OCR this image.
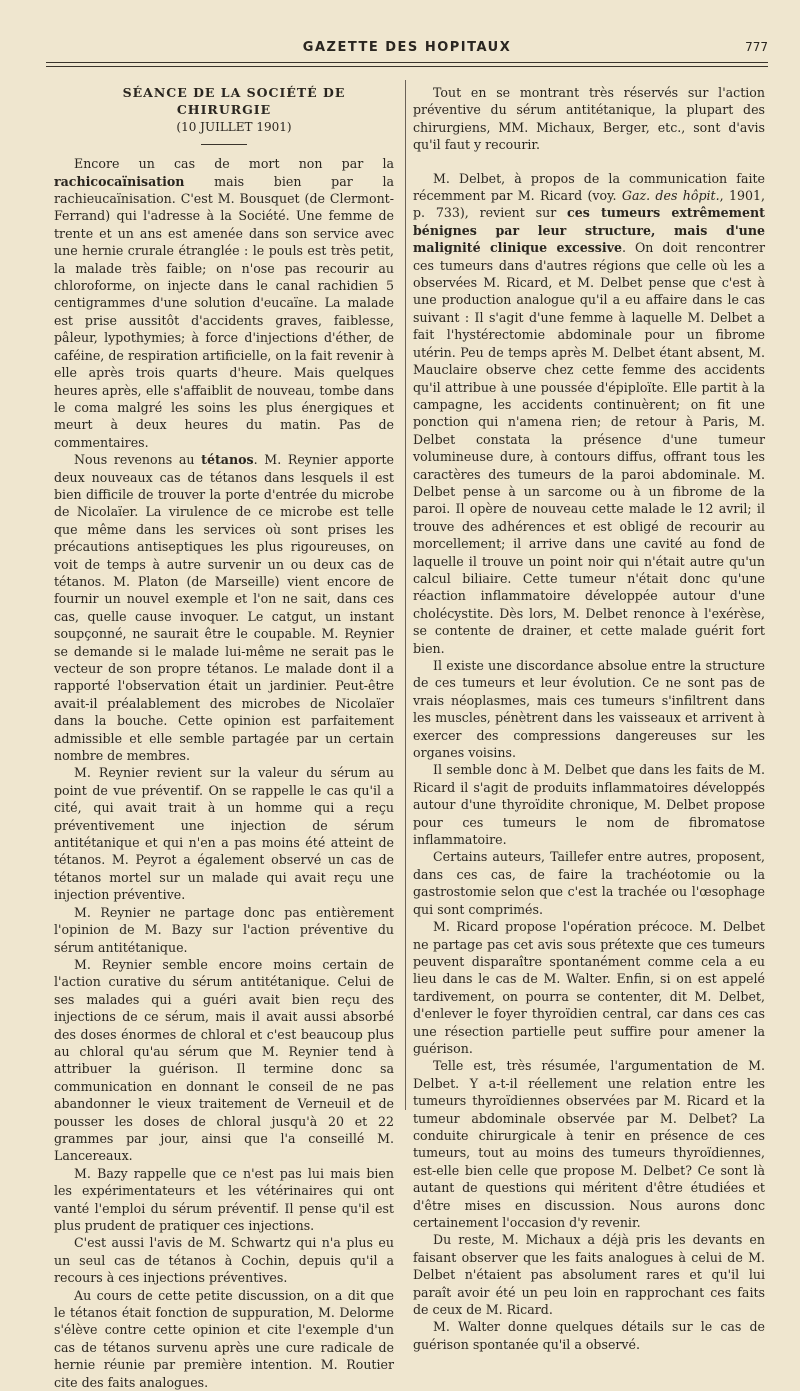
GAZETTE DES HOPITAUX	777

SÉANCE DE LA SOCIÉTÉ DE CHIRURGIE

(10 JUILLET 1901)

Encore un cas de mort non par la rachicocaïnisation mais bien par la rachieucaïnisation. C'est M. Bousquet (de Clermont-Ferrand) qui l'adresse à la Société. Une femme de trente et un ans est amenée dans son service avec une hernie crurale étranglée : le pouls est très petit, la malade très faible; on n'ose pas recourir au chloroforme, on injecte dans le canal rachidien 5 centigrammes d'une solution d'eucaïne. La malade est prise aussitôt d'accidents graves, faiblesse, pâleur, lypothymies; à force d'injections d'éther, de caféine, de respiration artificielle, on la fait revenir à elle après trois quarts d'heure. Mais quelques heures après, elle s'affaiblit de nouveau, tombe dans le coma malgré les soins les plus énergiques et meurt à deux heures du matin. Pas de commentaires.

Nous revenons au tétanos. M. Reynier apporte deux nouveaux cas de tétanos dans lesquels il est bien difficile de trouver la porte d'entrée du microbe de Nicolaïer. La virulence de ce microbe est telle que même dans les services où sont prises les précautions antiseptiques les plus rigoureuses, on voit de temps à autre survenir un ou deux cas de tétanos. M. Platon (de Marseille) vient encore de fournir un nouvel exemple et l'on ne sait, dans ces cas, quelle cause invoquer. Le catgut, un instant soupçonné, ne saurait être le coupable. M. Reynier se demande si le malade lui-même ne serait pas le vecteur de son propre tétanos. Le malade dont il a rapporté l'observation était un jardinier. Peut-être avait-il préalablement des microbes de Nicolaïer dans la bouche. Cette opinion est parfaitement admissible et elle semble partagée par un certain nombre de membres.

M. Reynier revient sur la valeur du sérum au point de vue préventif. On se rappelle le cas qu'il a cité, qui avait trait à un homme qui a reçu préventivement une injection de sérum antitétanique et qui n'en a pas moins été atteint de tétanos. M. Peyrot a également observé un cas de tétanos mortel sur un malade qui avait reçu une injection préventive.

M. Reynier ne partage donc pas entièrement l'opinion de M. Bazy sur l'action préventive du sérum antitétanique.

M. Reynier semble encore moins certain de l'action curative du sérum antitétanique. Celui de ses malades qui a guéri avait bien reçu des injections de ce sérum, mais il avait aussi absorbé des doses énormes de chloral et c'est beaucoup plus au chloral qu'au sérum que M. Reynier tend à attribuer la guérison. Il termine donc sa communication en donnant le conseil de ne pas abandonner le vieux traitement de Verneuil et de pousser les doses de chloral jusqu'à 20 et 22 grammes par jour, ainsi que l'a conseillé M. Lancereaux.

M. Bazy rappelle que ce n'est pas lui mais bien les expérimentateurs et les vétérinaires qui ont vanté l'emploi du sérum préventif. Il pense qu'il est plus prudent de pratiquer ces injections.

C'est aussi l'avis de M. Schwartz qui n'a plus eu un seul cas de tétanos à Cochin, depuis qu'il a recours à ces injections préventives.

Au cours de cette petite discussion, on a dit que le tétanos était fonction de suppuration, M. Delorme s'élève contre cette opinion et cite l'exemple d'un cas de tétanos survenu après une cure radicale de hernie réunie par première intention. M. Routier cite des faits analogues.

Tout en se montrant très réservés sur l'action préventive du sérum antitétanique, la plupart des chirurgiens, MM. Michaux, Berger, etc., sont d'avis qu'il faut y recourir.

M. Delbet, à propos de la communication faite récemment par M. Ricard (voy. Gaz. des hôpit., 1901, p. 733), revient sur ces tumeurs extrêmement bénignes par leur structure, mais d'une malignité clinique excessive. On doit rencontrer ces tumeurs dans d'autres régions que celle où les a observées M. Ricard, et M. Delbet pense que c'est à une production analogue qu'il a eu affaire dans le cas suivant : Il s'agit d'une femme à laquelle M. Delbet a fait l'hystérectomie abdominale pour un fibrome utérin. Peu de temps après M. Delbet étant absent, M. Mauclaire observe chez cette femme des accidents qu'il attribue à une poussée d'épiploïte. Elle partit à la campagne, les accidents continuèrent; on fit une ponction qui n'amena rien; de retour à Paris, M. Delbet constata la présence d'une tumeur volumineuse dure, à contours diffus, offrant tous les caractères des tumeurs de la paroi abdominale. M. Delbet pense à un sarcome ou à un fibrome de la paroi. Il opère de nouveau cette malade le 12 avril; il trouve des adhérences et est obligé de recourir au morcellement; il arrive dans une cavité au fond de laquelle il trouve un point noir qui n'était autre qu'un calcul biliaire. Cette tumeur n'était donc qu'une réaction inflammatoire développée autour d'une cholécystite. Dès lors, M. Delbet renonce à l'exérèse, se contente de drainer, et cette malade guérit fort bien.

Il existe une discordance absolue entre la structure de ces tumeurs et leur évolution. Ce ne sont pas de vrais néoplasmes, mais ces tumeurs s'infiltrent dans les muscles, pénètrent dans les vaisseaux et arrivent à exercer des compressions dangereuses sur les organes voisins.

Il semble donc à M. Delbet que dans les faits de M. Ricard il s'agit de produits inflammatoires développés autour d'une thyroïdite chronique, M. Delbet propose pour ces tumeurs le nom de fibromatose inflammatoire.

Certains auteurs, Taillefer entre autres, proposent, dans ces cas, de faire la trachéotomie ou la gastrostomie selon que c'est la trachée ou l'œsophage qui sont comprimés.

M. Ricard propose l'opération précoce. M. Delbet ne partage pas cet avis sous prétexte que ces tumeurs peuvent disparaître spontanément comme cela a eu lieu dans le cas de M. Walter. Enfin, si on est appelé tardivement, on pourra se contenter, dit M. Delbet, d'enlever le foyer thyroïdien central, car dans ces cas une résection partielle peut suffire pour amener la guérison.

Telle est, très résumée, l'argumentation de M. Delbet. Y a-t-il réellement une relation entre les tumeurs thyroïdiennes observées par M. Ricard et la tumeur abdominale observée par M. Delbet? La conduite chirurgicale à tenir en présence de ces tumeurs, tout au moins des tumeurs thyroïdiennes, est-elle bien celle que propose M. Delbet? Ce sont là autant de questions qui méritent d'être étudiées et d'être mises en discussion. Nous aurons donc certainement l'occasion d'y revenir.

Du reste, M. Michaux a déjà pris les devants en faisant observer que les faits analogues à celui de M. Delbet n'étaient pas absolument rares et qu'il lui paraît avoir été un peu loin en rapprochant ces faits de ceux de M. Ricard.

M. Walter donne quelques détails sur le cas de guérison spontanée qu'il a observé.
